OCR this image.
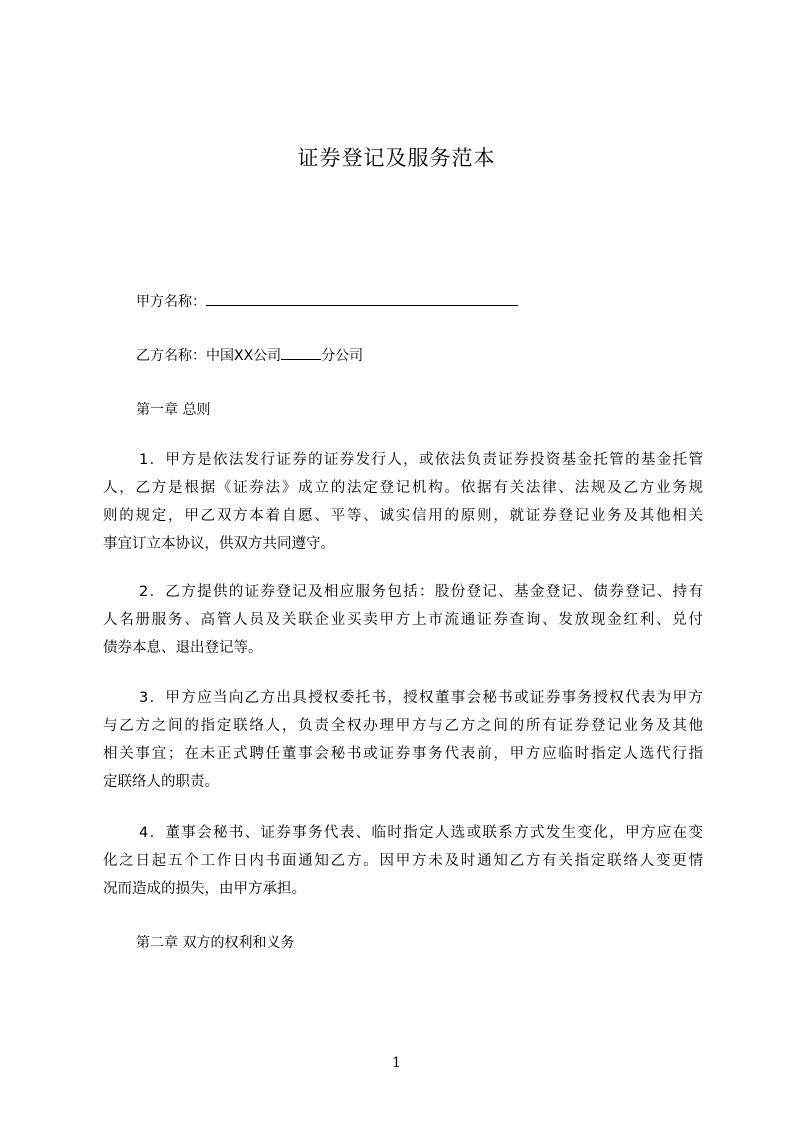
证券登记及服务范本
甲方名称：
乙方名称：中国XX公司	分公司
第一章 总则
1．甲方是依法发行证券的证券发行人，或依法负责证券投资基金托管的基金托管
人，乙方是根据《证券法》成立的法定登记机构。依据有关法律、法规及乙方业务规
则的规定，甲乙双方本着自愿、平等、诚实信用的原则，就证券登记业务及其他相关
事宜订立本协议，供双方共同遵守。
2．乙方提供的证券登记及相应服务包括：股份登记、基金登记、债券登记、持有
人名册服务、高管人员及关联企业买卖甲方上市流通证券查询、发放现金红利、兑付
债券本息、退出登记等。
3．甲方应当向乙方出具授权委托书，授权董事会秘书或证券事务授权代表为甲方
与乙方之间的指定联络人，负责全权办理甲方与乙方之间的所有证券登记业务及其他
相关事宜；在未正式聘任董事会秘书或证券事务代表前，甲方应临时指定人选代行指
定联络人的职责。
4．董事会秘书、证券事务代表、临时指定人选或联系方式发生变化，甲方应在变
化之日起五个工作日内书面通知乙方。因甲方未及时通知乙方有关指定联络人变更情
况而造成的损失，由甲方承担。
第二章 双方的权利和义务
1
